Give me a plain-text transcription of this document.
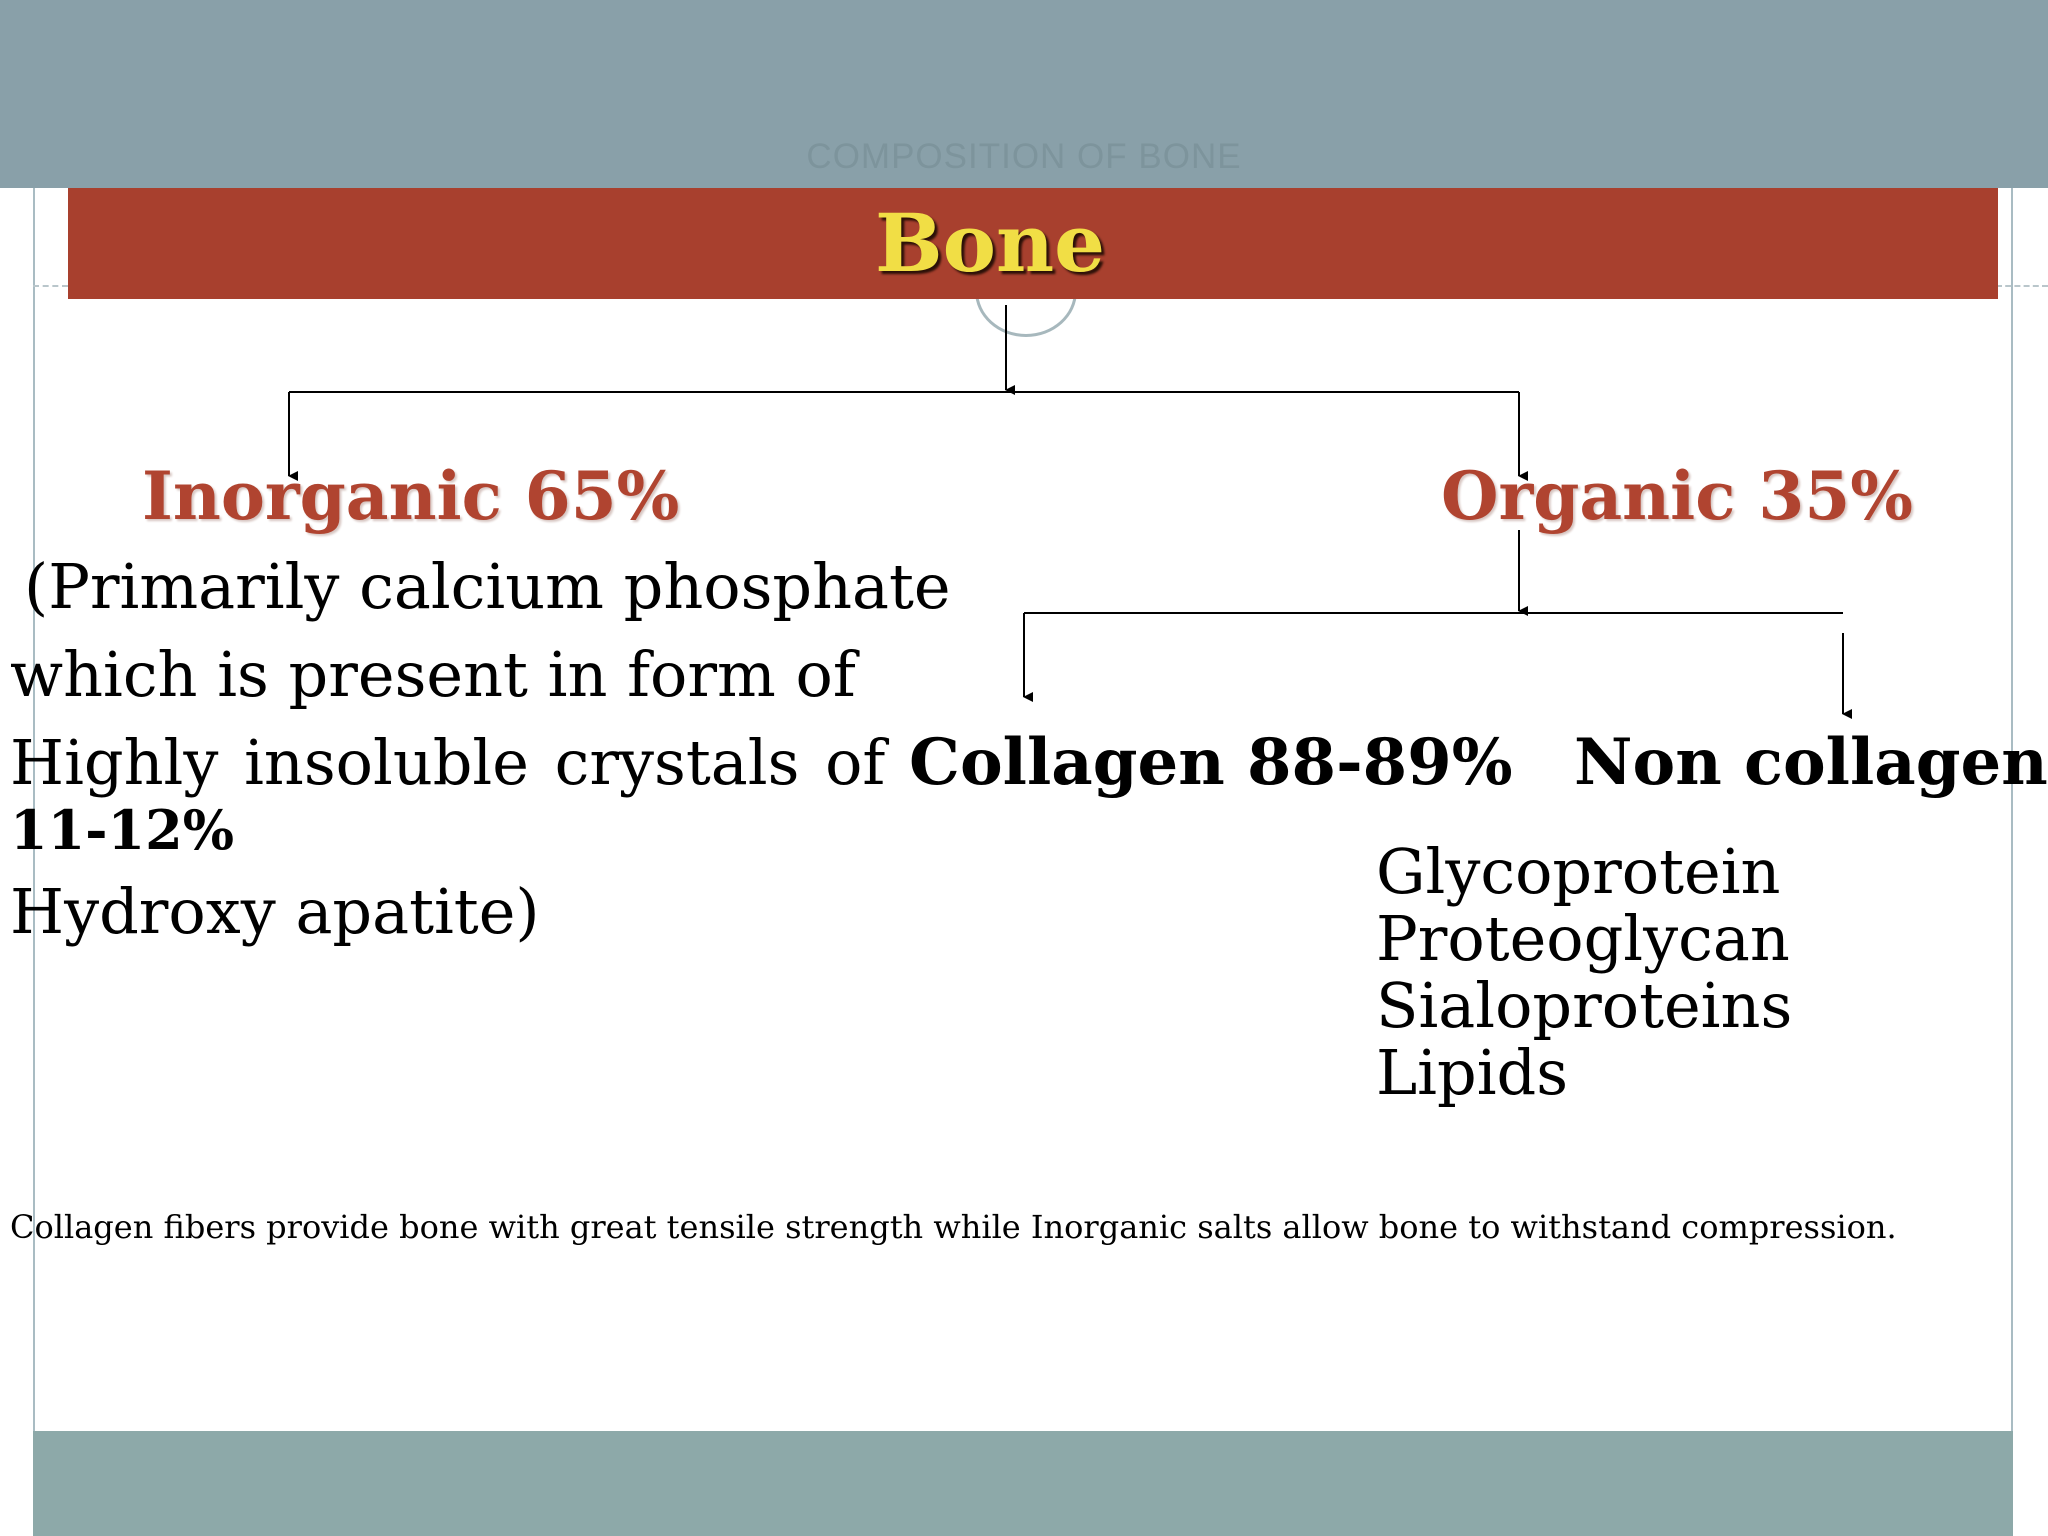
COMPOSITION OF BONE
Bone
Inorganic 65%	Organic 35%
(Primarily calcium phosphate
which is present in form of
Highly insoluble crystals of
11-12%
Hydroxy apatite)
Collagen 88-89% Non collagen
Glycoprotein
Proteoglycan
Sialoproteins
Lipids
Collagen fibers provide bone with great tensile strength while Inorganic salts allow bone to withstand compression.
